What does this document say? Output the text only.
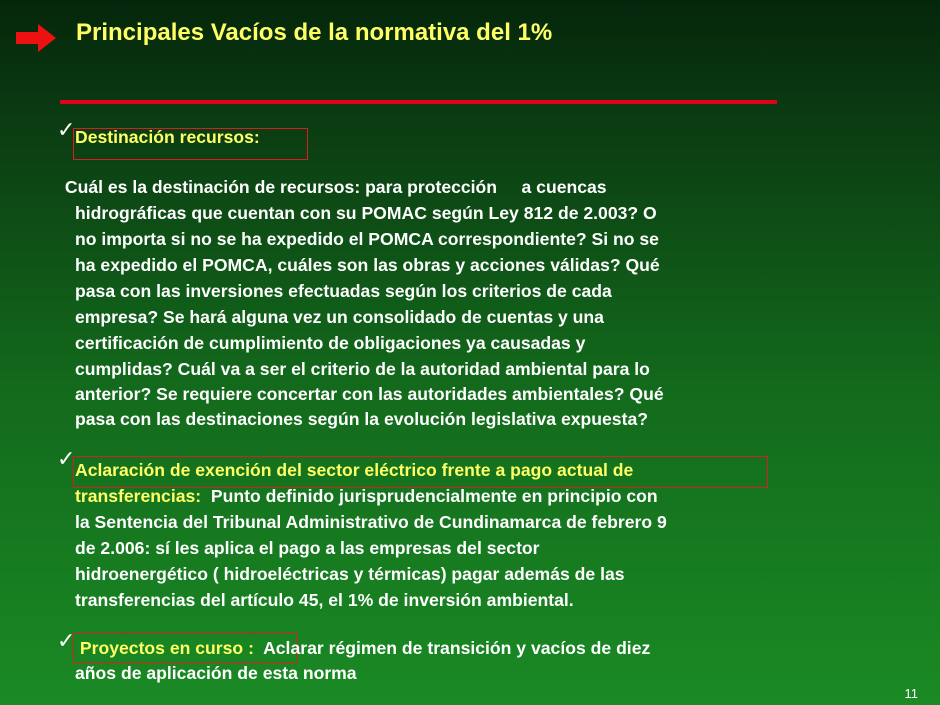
Principales Vacíos de la normativa del 1%
✓ Destinación recursos:
Cuál es la destinación de recursos: para protección     a cuencas
hidrográficas que cuentan con su POMAC según Ley 812 de 2.003? O
no importa si no se ha expedido el POMCA correspondiente? Si no se
ha expedido el POMCA, cuáles son las obras y acciones válidas? Qué
pasa con las inversiones efectuadas según los criterios de cada
empresa? Se hará alguna vez un consolidado de cuentas y una
certificación de cumplimiento de obligaciones ya causadas y
cumplidas? Cuál va a ser el criterio de la autoridad ambiental para lo
anterior? Se requiere concertar con las autoridades ambientales? Qué
pasa con las destinaciones según la evolución legislativa expuesta?
✓ Aclaración de exención del sector eléctrico frente a pago actual de
transferencias:  Punto definido jurisprudencialmente en principio con
la Sentencia del Tribunal Administrativo de Cundinamarca de febrero 9
de 2.006: sí les aplica el pago a las empresas del sector
hidroenergético ( hidroeléctricas y térmicas) pagar además de las
transferencias del artículo 45, el 1% de inversión ambiental.
✓ Proyectos en curso :  Aclarar régimen de transición y vacíos de diez
años de aplicación de esta norma
11
